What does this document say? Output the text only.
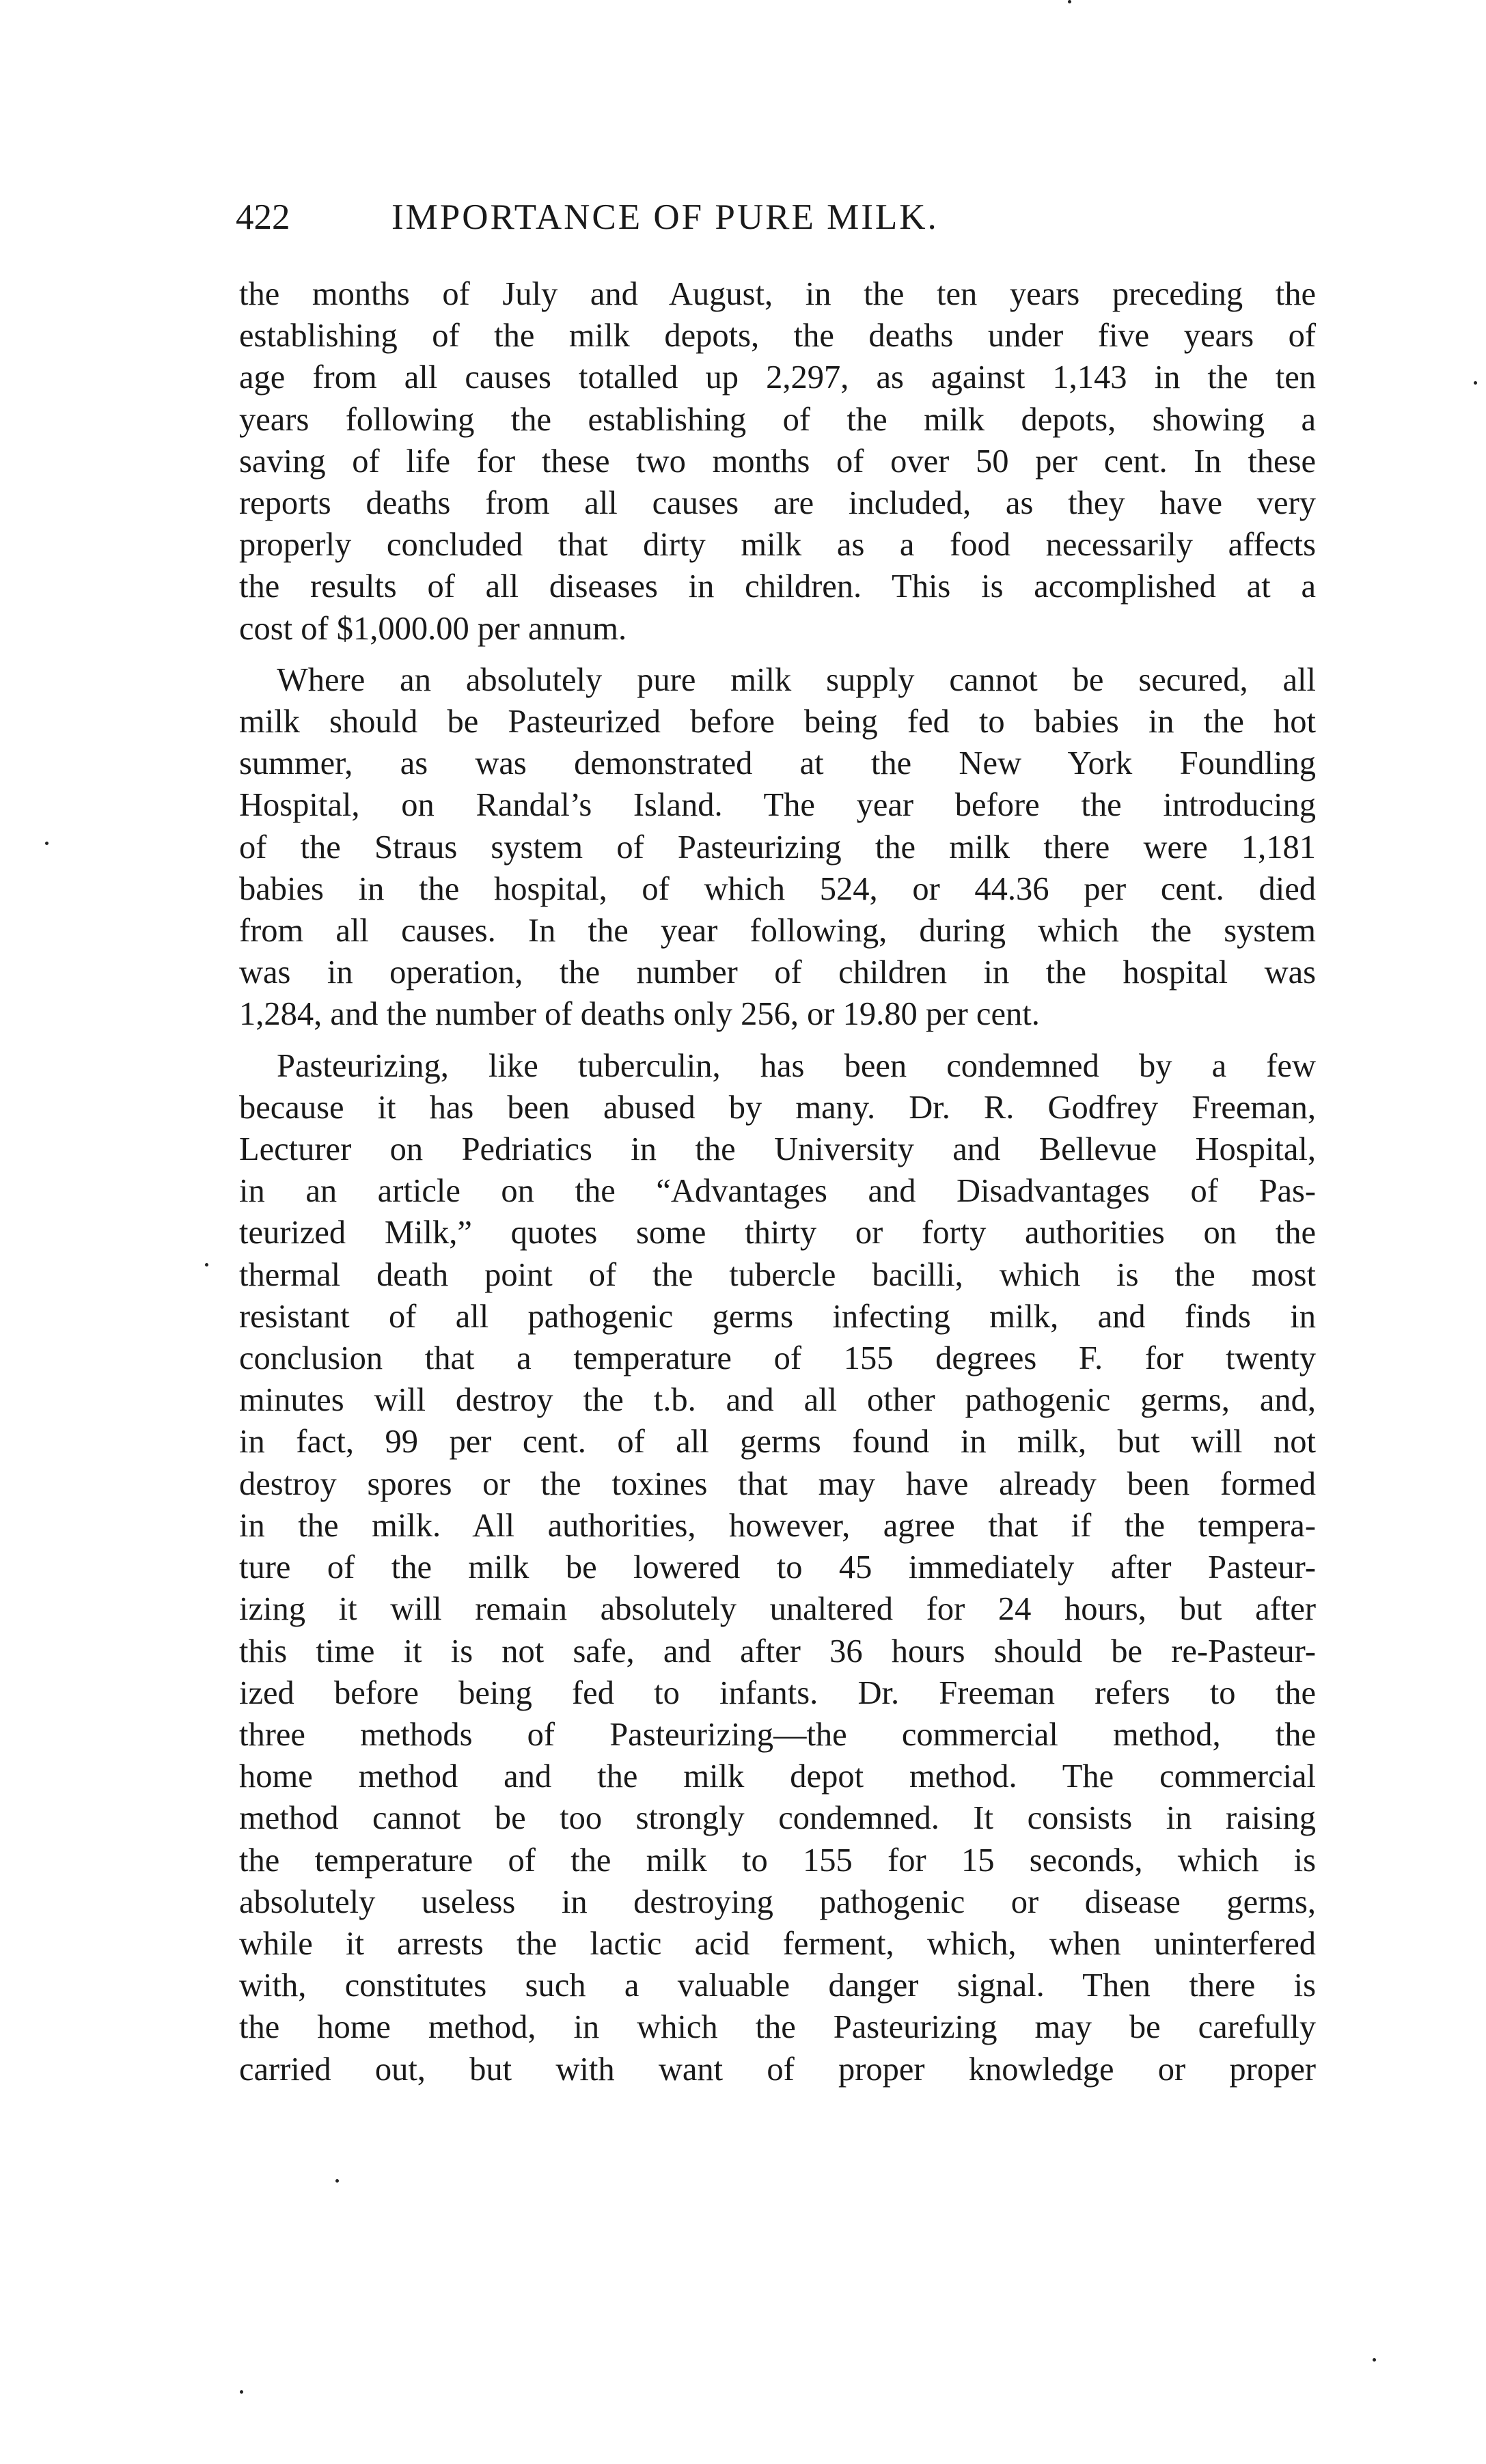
422	IMPORTANCE OF PURE MILK.
the months of July and August, in the ten years preceding the
establishing of the milk depots, the deaths under five years of
age from all causes totalled up 2,297, as against 1,143 in the ten
years following the establishing of the milk depots, showing a
saving of life for these two months of over 50 per cent. In these
reports deaths from all causes are included, as they have very
properly concluded that dirty milk as a food necessarily affects
the results of all diseases in children. This is accomplished at a
cost of $1,000.00 per annum.
Where an absolutely pure milk supply cannot be secured, all
milk should be Pasteurized before being fed to babies in the hot
summer, as was demonstrated at the New York Foundling
Hospital, on Randal’s Island. The year before the introducing
of the Straus system of Pasteurizing the milk there were 1,181
babies in the hospital, of which 524, or 44.36 per cent. died
from all causes. In the year following, during which the system
was in operation, the number of children in the hospital was
1,284, and the number of deaths only 256, or 19.80 per cent.
Pasteurizing, like tuberculin, has been condemned by a few
because it has been abused by many. Dr. R. Godfrey Freeman,
Lecturer on Pedriatics in the University and Bellevue Hospital,
in an article on the “Advantages and Disadvantages of Pas-
teurized Milk,” quotes some thirty or forty authorities on the
thermal death point of the tubercle bacilli, which is the most
resistant of all pathogenic germs infecting milk, and finds in
conclusion that a temperature of 155 degrees F. for twenty
minutes will destroy the t.b. and all other pathogenic germs, and,
in fact, 99 per cent. of all germs found in milk, but will not
destroy spores or the toxines that may have already been formed
in the milk. All authorities, however, agree that if the tempera-
ture of the milk be lowered to 45 immediately after Pasteur-
izing it will remain absolutely unaltered for 24 hours, but after
this time it is not safe, and after 36 hours should be re-Pasteur-
ized before being fed to infants. Dr. Freeman refers to the
three methods of Pasteurizing—the commercial method, the
home method and the milk depot method. The commercial
method cannot be too strongly condemned. It consists in raising
the temperature of the milk to 155 for 15 seconds, which is
absolutely useless in destroying pathogenic or disease germs,
while it arrests the lactic acid ferment, which, when uninterfered
with, constitutes such a valuable danger signal. Then there is
the home method, in which the Pasteurizing may be carefully
carried out, but with want of proper knowledge or proper
